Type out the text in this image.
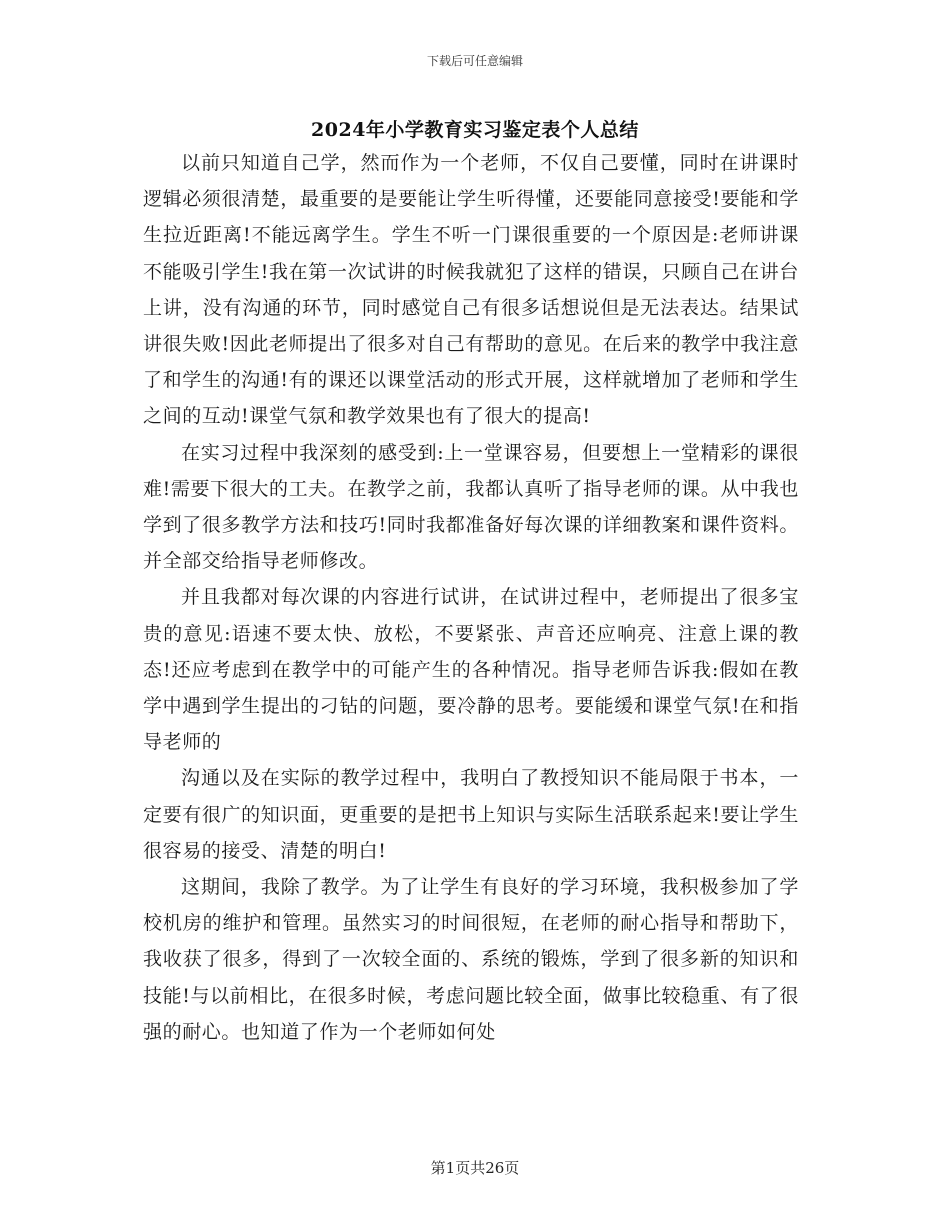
下载后可任意编辑
2024年小学教育实习鉴定表个人总结

以前只知道自己学，然而作为一个老师，不仅自己要懂，同时在讲课时逻辑必须很清楚，最重要的是要能让学生听得懂，还要能同意接受!要能和学生拉近距离!不能远离学生。学生不听一门课很重要的一个原因是:老师讲课不能吸引学生!我在第一次试讲的时候我就犯了这样的错误，只顾自己在讲台上讲，没有沟通的环节，同时感觉自己有很多话想说但是无法表达。结果试讲很失败!因此老师提出了很多对自己有帮助的意见。在后来的教学中我注意了和学生的沟通!有的课还以课堂活动的形式开展，这样就增加了老师和学生之间的互动!课堂气氛和教学效果也有了很大的提高!

在实习过程中我深刻的感受到:上一堂课容易，但要想上一堂精彩的课很难!需要下很大的工夫。在教学之前，我都认真听了指导老师的课。从中我也学到了很多教学方法和技巧!同时我都准备好每次课的详细教案和课件资料。并全部交给指导老师修改。

并且我都对每次课的内容进行试讲，在试讲过程中，老师提出了很多宝贵的意见:语速不要太快、放松，不要紧张、声音还应响亮、注意上课的教态!还应考虑到在教学中的可能产生的各种情况。指导老师告诉我:假如在教学中遇到学生提出的刁钻的问题，要冷静的思考。要能缓和课堂气氛!在和指导老师的

沟通以及在实际的教学过程中，我明白了教授知识不能局限于书本，一定要有很广的知识面，更重要的是把书上知识与实际生活联系起来!要让学生很容易的接受、清楚的明白!

这期间，我除了教学。为了让学生有良好的学习环境，我积极参加了学校机房的维护和管理。虽然实习的时间很短，在老师的耐心指导和帮助下，我收获了很多，得到了一次较全面的、系统的锻炼，学到了很多新的知识和技能!与以前相比，在很多时候，考虑问题比较全面，做事比较稳重、有了很强的耐心。也知道了作为一个老师如何处

第1页共26页
